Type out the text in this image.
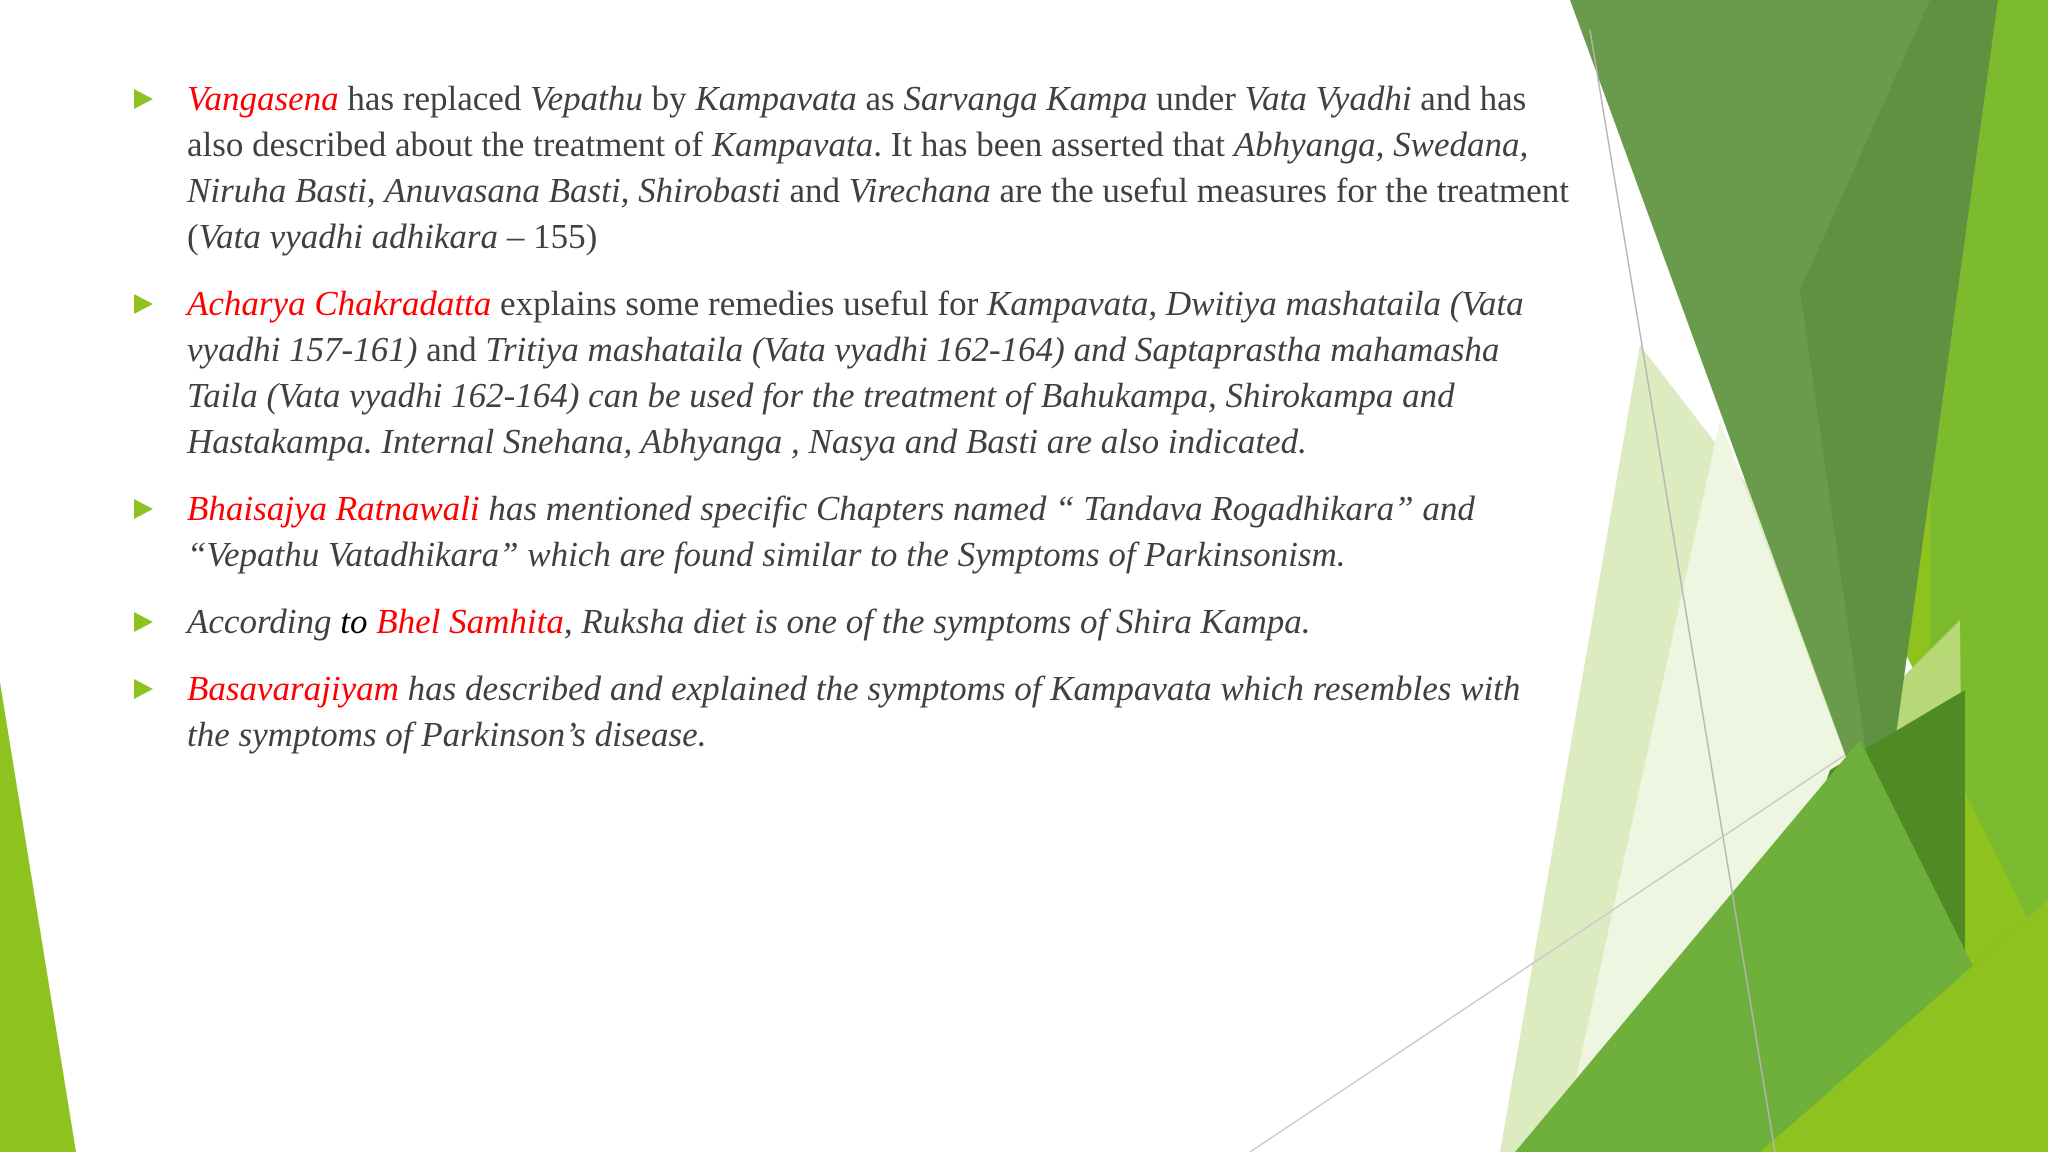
Vangasena has replaced Vepathu by Kampavata as Sarvanga Kampa under Vata Vyadhi and has
also described about the treatment of Kampavata. It has been asserted that Abhyanga, Swedana,
Niruha Basti, Anuvasana Basti, Shirobasti and Virechana are the useful measures for the treatment
(Vata vyadhi adhikara – 155)
Acharya Chakradatta explains some remedies useful for Kampavata, Dwitiya mashataila (Vata
vyadhi 157-161) and Tritiya mashataila (Vata vyadhi 162-164) and Saptaprastha mahamasha
Taila (Vata vyadhi 162-164) can be used for the treatment of Bahukampa, Shirokampa and
Hastakampa. Internal Snehana, Abhyanga , Nasya and Basti are also indicated.
Bhaisajya Ratnawali has mentioned specific Chapters named “ Tandava Rogadhikara” and
“Vepathu Vatadhikara” which are found similar to the Symptoms of Parkinsonism.
According to Bhel Samhita, Ruksha diet is one of the symptoms of Shira Kampa.
Basavarajiyam has described and explained the symptoms of Kampavata which resembles with
the symptoms of Parkinson’s disease.
